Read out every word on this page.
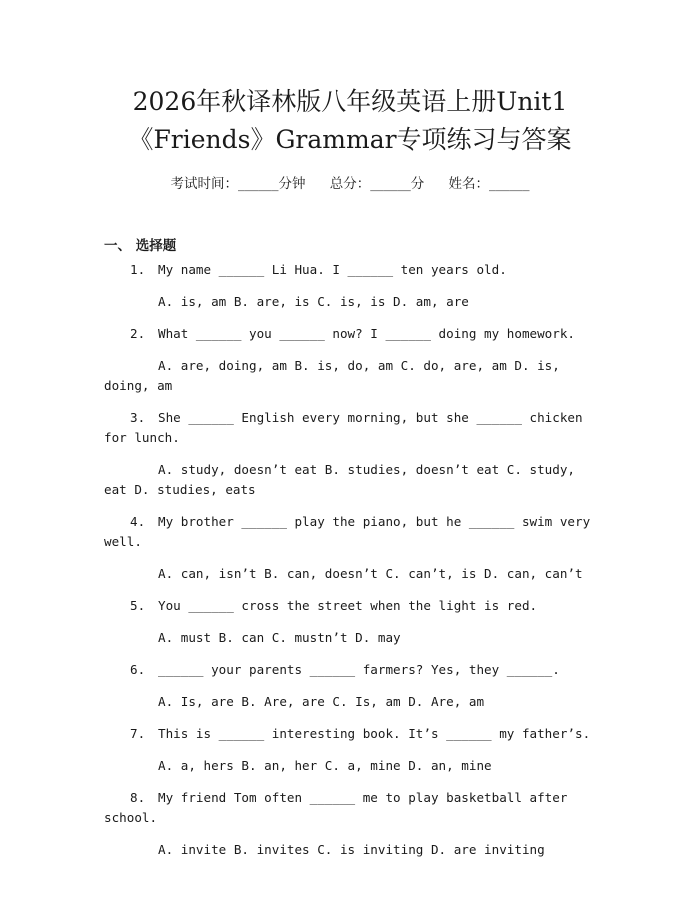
2026年秋译林版八年级英语上册Unit1
《Friends》Grammar专项练习与答案
考试时间：______分钟 总分：______分 姓名：______
一、 选择题
1. My name ______ Li Hua. I ______ ten years old.
A. is, am B. are, is C. is, is D. am, are
2. What ______ you ______ now? I ______ doing my homework.
A. are, doing, am B. is, do, am C. do, are, am D. is, doing, am
3. She ______ English every morning, but she ______ chicken for lunch.
A. study, doesn’t eat B. studies, doesn’t eat C. study, eat D. studies, eats
4. My brother ______ play the piano, but he ______ swim very well.
A. can, isn’t B. can, doesn’t C. can’t, is D. can, can’t
5. You ______ cross the street when the light is red.
A. must B. can C. mustn’t D. may
6. ______ your parents ______ farmers? Yes, they ______.
A. Is, are B. Are, are C. Is, am D. Are, am
7. This is ______ interesting book. It’s ______ my father’s.
A. a, hers B. an, her C. a, mine D. an, mine
8. My friend Tom often ______ me to play basketball after school.
A. invite B. invites C. is inviting D. are inviting
